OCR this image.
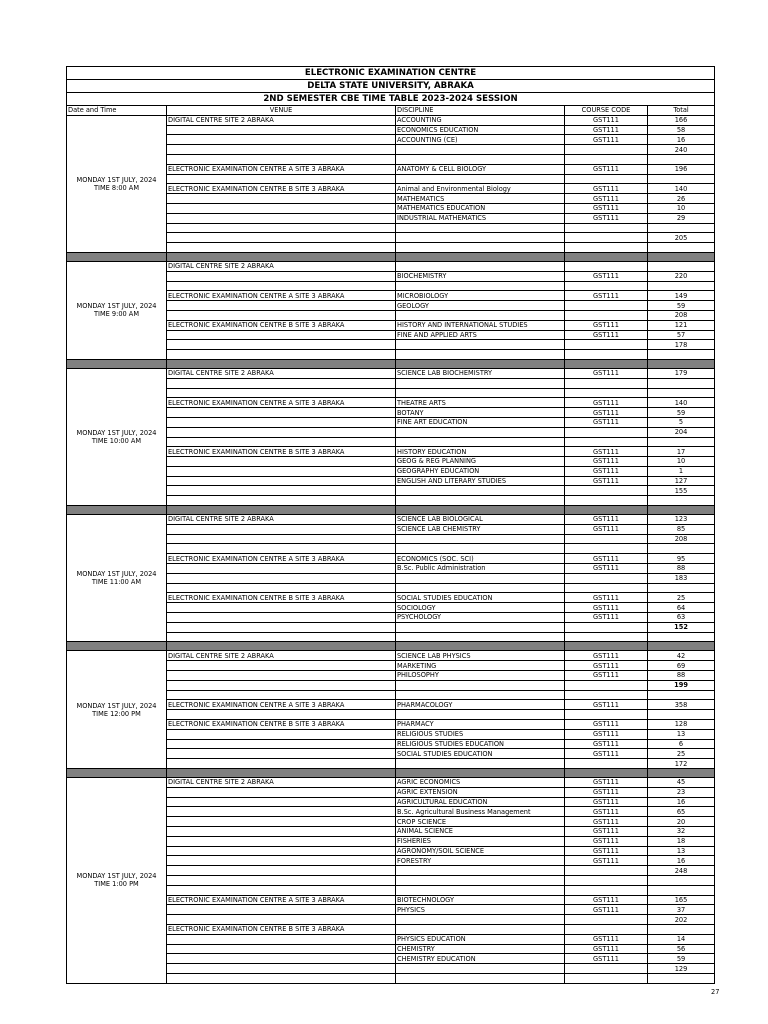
ELECTRONIC EXAMINATION CENTRE				
DELTA STATE UNIVERSITY, ABRAKA				
2ND SEMESTER CBE TIME TABLE 2023-2024 SESSION				
Date and Time	VENUE	DISCIPLINE	COURSE CODE	Total

MONDAY 1ST JULY, 2024
TIME 8:00 AM	DIGITAL CENTRE SITE 2 ABRAKA	ACCOUNTING	GST111	166
		ECONOMICS EDUCATION	GST111	58
		ACCOUNTING (CE)	GST111	16
				240

	ELECTRONIC EXAMINATION CENTRE A SITE 3 ABRAKA	ANATOMY & CELL BIOLOGY	GST111	196

	ELECTRONIC EXAMINATION CENTRE B SITE 3 ABRAKA	Animal and Environmental Biology	GST111	140
		MATHEMATICS	GST111	26
		MATHEMATICS EDUCATION	GST111	10
		INDUSTRIAL MATHEMATICS	GST111	29

				205

MONDAY 1ST JULY, 2024
TIME 9:00 AM	DIGITAL CENTRE SITE 2 ABRAKA			
		BIOCHEMISTRY	GST111	220

	ELECTRONIC EXAMINATION CENTRE A SITE 3 ABRAKA	MICROBIOLOGY	GST111	149
		GEOLOGY		59
				208
	ELECTRONIC EXAMINATION CENTRE B SITE 3 ABRAKA	HISTORY AND INTERNATIONAL STUDIES	GST111	121
		FINE AND APPLIED ARTS	GST111	57
				178

MONDAY 1ST JULY, 2024
TIME 10:00 AM	DIGITAL CENTRE SITE 2 ABRAKA	SCIENCE LAB BIOCHEMISTRY	GST111	179

	ELECTRONIC EXAMINATION CENTRE A SITE 3 ABRAKA	THEATRE ARTS	GST111	140
		BOTANY	GST111	59
		FINE ART EDUCATION	GST111	5
				204

	ELECTRONIC EXAMINATION CENTRE B SITE 3 ABRAKA	HISTORY EDUCATION	GST111	17
		GEOG & REG PLANNING	GST111	10
		GEOGRAPHY EDUCATION	GST111	1
		ENGLISH AND LITERARY STUDIES	GST111	127
				155

MONDAY 1ST JULY, 2024
TIME 11:00 AM	DIGITAL CENTRE SITE 2 ABRAKA	SCIENCE LAB BIOLOGICAL	GST111	123
		SCIENCE LAB CHEMISTRY	GST111	85
				208

	ELECTRONIC EXAMINATION CENTRE A SITE 3 ABRAKA	ECONOMICS (SOC. SCI)	GST111	95
		B.Sc. Public Administration	GST111	88
				183

	ELECTRONIC EXAMINATION CENTRE B SITE 3 ABRAKA	SOCIAL STUDIES EDUCATION	GST111	25
		SOCIOLOGY	GST111	64
		PSYCHOLOGY	GST111	63
				152

MONDAY 1ST JULY, 2024
TIME 12:00 PM	DIGITAL CENTRE SITE 2 ABRAKA	SCIENCE LAB PHYSICS	GST111	42
		MARKETING	GST111	69
		PHILOSOPHY	GST111	88
				199

	ELECTRONIC EXAMINATION CENTRE A SITE 3 ABRAKA	PHARMACOLOGY	GST111	358

	ELECTRONIC EXAMINATION CENTRE B SITE 3 ABRAKA	PHARMACY	GST111	128
		RELIGIOUS STUDIES	GST111	13
		RELIGIOUS STUDIES EDUCATION	GST111	6
		SOCIAL STUDIES EDUCATION	GST111	25
				172

MONDAY 1ST JULY, 2024
TIME 1:00 PM	DIGITAL CENTRE SITE 2 ABRAKA	AGRIC ECONOMICS	GST111	45
		AGRIC EXTENSION	GST111	23
		AGRICULTURAL EDUCATION	GST111	16
		B.Sc. Agricultural Business Management	GST111	65
		CROP SCIENCE	GST111	20
		ANIMAL SCIENCE	GST111	32
		FISHERIES	GST111	18
		AGRONOMY/SOIL SCIENCE	GST111	13
		FORESTRY	GST111	16
				248

	ELECTRONIC EXAMINATION CENTRE A SITE 3 ABRAKA	BIOTECHNOLOGY	GST111	165
		PHYSICS	GST111	37
				202
	ELECTRONIC EXAMINATION CENTRE B SITE 3 ABRAKA			
		PHYSICS EDUCATION	GST111	14
		CHEMISTRY	GST111	56
		CHEMISTRY EDUCATION	GST111	59
				129

27
